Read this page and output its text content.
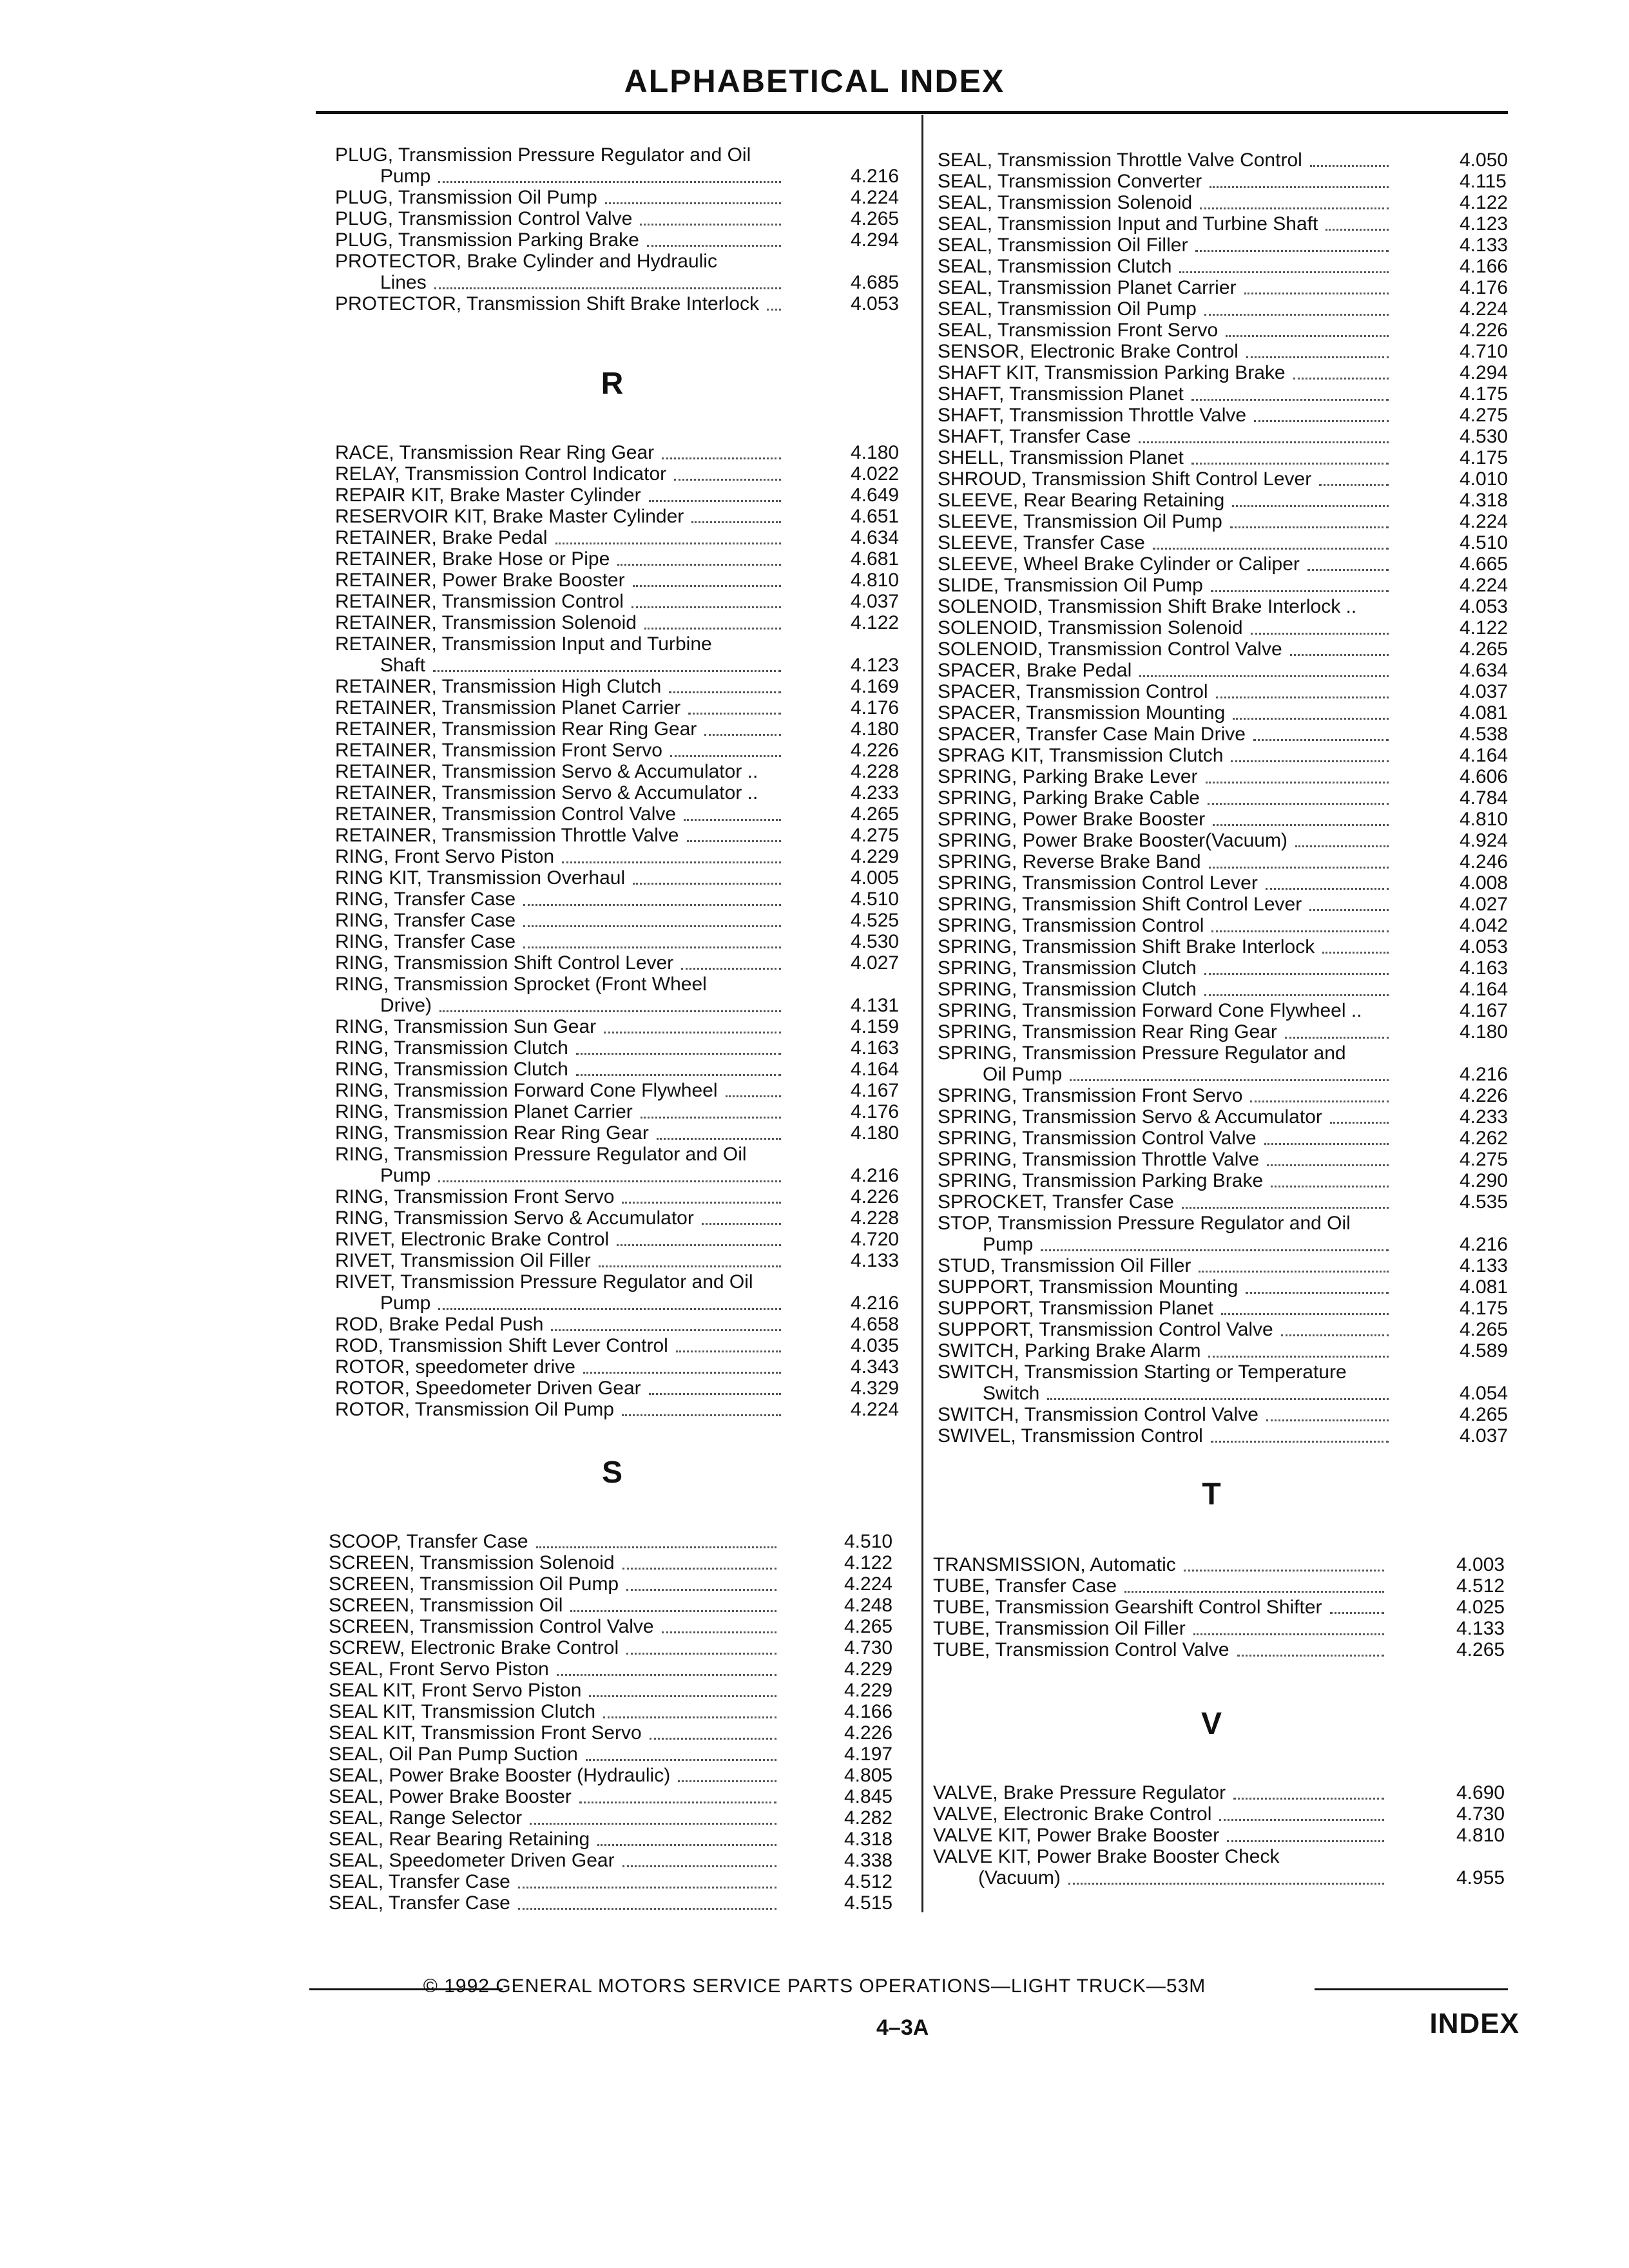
ALPHABETICAL INDEX
PLUG, Transmission Pressure Regulator and Oil
Pump	4.216
PLUG, Transmission Oil Pump	4.224
PLUG, Transmission Control Valve	4.265
PLUG, Transmission Parking Brake	4.294
PROTECTOR, Brake Cylinder and Hydraulic
Lines	4.685
PROTECTOR, Transmission Shift Brake Interlock	4.053
R
RACE, Transmission Rear Ring Gear	4.180
RELAY, Transmission Control Indicator	4.022
REPAIR KIT, Brake Master Cylinder	4.649
RESERVOIR KIT, Brake Master Cylinder	4.651
RETAINER, Brake Pedal	4.634
RETAINER, Brake Hose or Pipe	4.681
RETAINER, Power Brake Booster	4.810
RETAINER, Transmission Control	4.037
RETAINER, Transmission Solenoid	4.122
RETAINER, Transmission Input and Turbine
Shaft	4.123
RETAINER, Transmission High Clutch	4.169
RETAINER, Transmission Planet Carrier	4.176
RETAINER, Transmission Rear Ring Gear	4.180
RETAINER, Transmission Front Servo	4.226
RETAINER, Transmission Servo & Accumulator ..	4.228
RETAINER, Transmission Servo & Accumulator ..	4.233
RETAINER, Transmission Control Valve	4.265
RETAINER, Transmission Throttle Valve	4.275
RING, Front Servo Piston	4.229
RING KIT, Transmission Overhaul	4.005
RING, Transfer Case	4.510
RING, Transfer Case	4.525
RING, Transfer Case	4.530
RING, Transmission Shift Control Lever	4.027
RING, Transmission Sprocket (Front Wheel
Drive)	4.131
RING, Transmission Sun Gear	4.159
RING, Transmission Clutch	4.163
RING, Transmission Clutch	4.164
RING, Transmission Forward Cone Flywheel	4.167
RING, Transmission Planet Carrier	4.176
RING, Transmission Rear Ring Gear	4.180
RING, Transmission Pressure Regulator and Oil
Pump	4.216
RING, Transmission Front Servo	4.226
RING, Transmission Servo & Accumulator	4.228
RIVET, Electronic Brake Control	4.720
RIVET, Transmission Oil Filler	4.133
RIVET, Transmission Pressure Regulator and Oil
Pump	4.216
ROD, Brake Pedal Push	4.658
ROD, Transmission Shift Lever Control	4.035
ROTOR, speedometer drive	4.343
ROTOR, Speedometer Driven Gear	4.329
ROTOR, Transmission Oil Pump	4.224
S
SCOOP, Transfer Case	4.510
SCREEN, Transmission Solenoid	4.122
SCREEN, Transmission Oil Pump	4.224
SCREEN, Transmission Oil	4.248
SCREEN, Transmission Control Valve	4.265
SCREW, Electronic Brake Control	4.730
SEAL, Front Servo Piston	4.229
SEAL KIT, Front Servo Piston	4.229
SEAL KIT, Transmission Clutch	4.166
SEAL KIT, Transmission Front Servo	4.226
SEAL, Oil Pan Pump Suction	4.197
SEAL, Power Brake Booster (Hydraulic)	4.805
SEAL, Power Brake Booster	4.845
SEAL, Range Selector	4.282
SEAL, Rear Bearing Retaining	4.318
SEAL, Speedometer Driven Gear	4.338
SEAL, Transfer Case	4.512
SEAL, Transfer Case	4.515
SEAL, Transmission Throttle Valve Control	4.050
SEAL, Transmission Converter	4.115
SEAL, Transmission Solenoid	4.122
SEAL, Transmission Input and Turbine Shaft	4.123
SEAL, Transmission Oil Filler	4.133
SEAL, Transmission Clutch	4.166
SEAL, Transmission Planet Carrier	4.176
SEAL, Transmission Oil Pump	4.224
SEAL, Transmission Front Servo	4.226
SENSOR, Electronic Brake Control	4.710
SHAFT KIT, Transmission Parking Brake	4.294
SHAFT, Transmission Planet	4.175
SHAFT, Transmission Throttle Valve	4.275
SHAFT, Transfer Case	4.530
SHELL, Transmission Planet	4.175
SHROUD, Transmission Shift Control Lever	4.010
SLEEVE, Rear Bearing Retaining	4.318
SLEEVE, Transmission Oil Pump	4.224
SLEEVE, Transfer Case	4.510
SLEEVE, Wheel Brake Cylinder or Caliper	4.665
SLIDE, Transmission Oil Pump	4.224
SOLENOID, Transmission Shift Brake Interlock ..	4.053
SOLENOID, Transmission Solenoid	4.122
SOLENOID, Transmission Control Valve	4.265
SPACER, Brake Pedal	4.634
SPACER, Transmission Control	4.037
SPACER, Transmission Mounting	4.081
SPACER, Transfer Case Main Drive	4.538
SPRAG KIT, Transmission Clutch	4.164
SPRING, Parking Brake Lever	4.606
SPRING, Parking Brake Cable	4.784
SPRING, Power Brake Booster	4.810
SPRING, Power Brake Booster(Vacuum)	4.924
SPRING, Reverse Brake Band	4.246
SPRING, Transmission Control Lever	4.008
SPRING, Transmission Shift Control Lever	4.027
SPRING, Transmission Control	4.042
SPRING, Transmission Shift Brake Interlock	4.053
SPRING, Transmission Clutch	4.163
SPRING, Transmission Clutch	4.164
SPRING, Transmission Forward Cone Flywheel ..	4.167
SPRING, Transmission Rear Ring Gear	4.180
SPRING, Transmission Pressure Regulator and
Oil Pump	4.216
SPRING, Transmission Front Servo	4.226
SPRING, Transmission Servo & Accumulator	4.233
SPRING, Transmission Control Valve	4.262
SPRING, Transmission Throttle Valve	4.275
SPRING, Transmission Parking Brake	4.290
SPROCKET, Transfer Case	4.535
STOP, Transmission Pressure Regulator and Oil
Pump	4.216
STUD, Transmission Oil Filler	4.133
SUPPORT, Transmission Mounting	4.081
SUPPORT, Transmission Planet	4.175
SUPPORT, Transmission Control Valve	4.265
SWITCH, Parking Brake Alarm	4.589
SWITCH, Transmission Starting or Temperature
Switch	4.054
SWITCH, Transmission Control Valve	4.265
SWIVEL, Transmission Control	4.037
T
TRANSMISSION, Automatic	4.003
TUBE, Transfer Case	4.512
TUBE, Transmission Gearshift Control Shifter	4.025
TUBE, Transmission Oil Filler	4.133
TUBE, Transmission Control Valve	4.265
V
VALVE, Brake Pressure Regulator	4.690
VALVE, Electronic Brake Control	4.730
VALVE KIT, Power Brake Booster	4.810
VALVE KIT, Power Brake Booster Check
(Vacuum)	4.955
© 1992 GENERAL MOTORS SERVICE PARTS OPERATIONS—LIGHT TRUCK—53M
4–3A	INDEX
